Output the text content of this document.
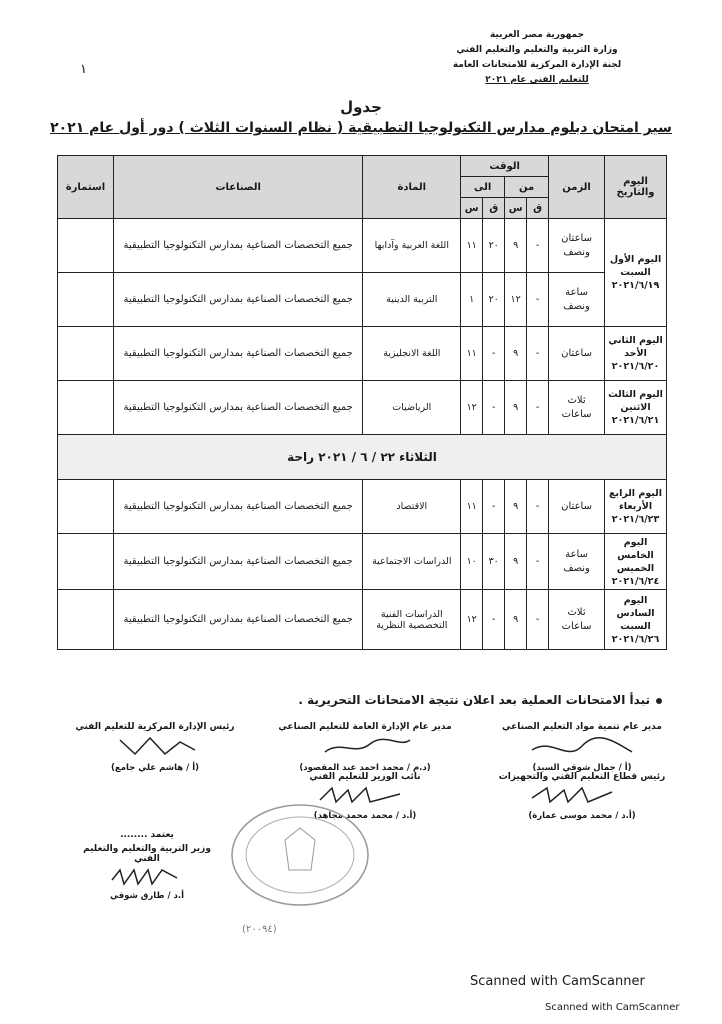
جمهورية مصر العربية
وزارة التربية والتعليم والتعليم الفني
لجنة الإدارة المركزية للامتحانات العامة
للتعليم الفني عام ٢٠٢١
١
جدول
سير امتحان دبلوم مدارس التكنولوجيا التطبيقية ( نظام السنوات الثلاث ) دور أول عام ٢٠٢١
اليوم والتاريخ	الزمن	الوقت				المادة	الصناعات	استمارة
		من		الى				
		ق	س	ق	س			
اليوم الأول السبت ٢٠٢١/٦/١٩	ساعتان ونصف	-	٩	٢٠	١١	اللغة العربية وآدابها	جميع التخصصات الصناعية بمدارس التكنولوجيا التطبيقية	
	ساعة ونصف	-	١٢	٢٠	١	التربية الدينية	جميع التخصصات الصناعية بمدارس التكنولوجيا التطبيقية	
اليوم الثاني الأحد ٢٠٢١/٦/٢٠	ساعتان	-	٩	-	١١	اللغة الانجليزية	جميع التخصصات الصناعية بمدارس التكنولوجيا التطبيقية	
اليوم الثالث الاثنين ٢٠٢١/٦/٢١	ثلاث ساعات	-	٩	-	١٢	الرياضيات	جميع التخصصات الصناعية بمدارس التكنولوجيا التطبيقية	
الثلاثاء ٢٢ / ٦ / ٢٠٢١ راحة								
اليوم الرابع الأربعاء ٢٠٢١/٦/٢٣	ساعتان	-	٩	-	١١	الاقتصاد	جميع التخصصات الصناعية بمدارس التكنولوجيا التطبيقية	
اليوم الخامس الخميس ٢٠٢١/٦/٢٤	ساعة ونصف	-	٩	٣٠	١٠	الدراسات الاجتماعية	جميع التخصصات الصناعية بمدارس التكنولوجيا التطبيقية	
اليوم السادس السبت ٢٠٢١/٦/٢٦	ثلاث ساعات	-	٩	-	١٢	الدراسات الفنية التخصصية النظرية	جميع التخصصات الصناعية بمدارس التكنولوجيا التطبيقية	
تبدأ الامتحانات العملية بعد اعلان نتيجة الامتحانات التحريرية .
مدير عام تنمية مواد التعليم الصناعي
(أ / جمال شوقي السيد)
مدير عام الإدارة العامة للتعليم الصناعي
(د.م / محمد احمد عبد المقصود)
رئيس الإدارة المركزية للتعليم الفني
(أ / هاشم علي جامع)
رئيس قطاع التعليم الفني والتجهيزات
(أ.د / محمد موسى عمارة)
نائب الوزير للتعليم الفني
(أ.د / محمد محمد مجاهد)
يعتمد ........
وزير التربية والتعليم والتعليم الفني
أ.د / طارق شوقي
(٢٠٠٩٤)
Scanned with CamScanner
Scanned with CamScanner
